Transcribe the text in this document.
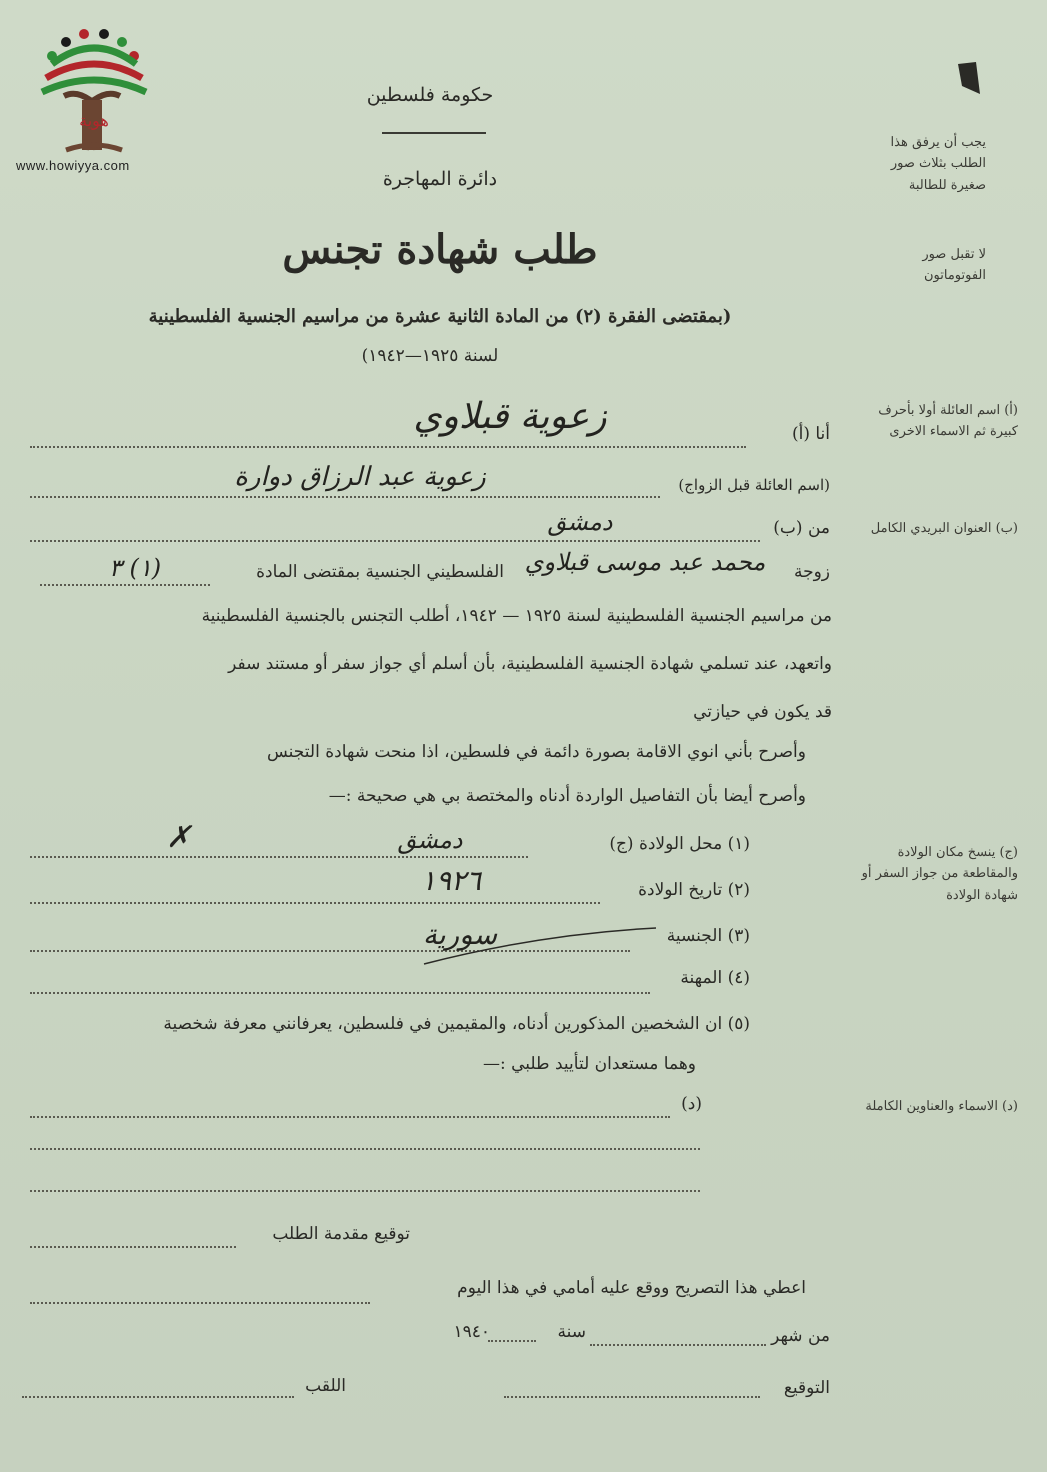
هوية
www.howiyya.com
حكومة فلسطين
دائرة المهاجرة
طلب شهادة تجنس
(بمقتضى الفقرة (٢) من المادة الثانية عشرة من مراسيم الجنسية الفلسطينية
لسنة ١٩٢٥—١٩٤٢)
يجب أن يرفق هذا الطلب بثلاث صور صغيرة للطالبة
لا تقبل صور الفوتوماتون
(أ) اسم العائلة أولا بأحرف كبيرة ثم الاسماء الاخرى
(ب) العنوان البريدي الكامل
(ج) ينسخ مكان الولادة والمقاطعة من جواز السفر أو شهادة الولادة
(د) الاسماء والعناوين الكاملة
أنا (أ)
زعوية قبلاوي
(اسم العائلة قبل الزواج)
زعوية عبد الرزاق دوارة
من (ب)
دمشق
زوجة
محمد عبد موسى قبلاوي
الفلسطيني الجنسية بمقتضى المادة
(١) ٣
من مراسيم الجنسية الفلسطينية لسنة ١٩٢٥ — ١٩٤٢، أطلب التجنس بالجنسية الفلسطينية
واتعهد، عند تسلمي شهادة الجنسية الفلسطينية، بأن أسلم أي جواز سفر أو مستند سفر
قد يكون في حيازتي
وأصرح بأني انوي الاقامة بصورة دائمة في فلسطين، اذا منحت شهادة التجنس
وأصرح أيضا بأن التفاصيل الواردة أدناه والمختصة بي هي صحيحة :—
✗	(١) محل الولادة (ج)
دمشق
(٢) تاريخ الولادة
١٩٢٦
(٣) الجنسية
سورية
(٤) المهنة
(٥) ان الشخصين المذكورين أدناه، والمقيمين في فلسطين، يعرفانني معرفة شخصية
وهما مستعدان لتأييد طلبي :—
(د)
توقيع مقدمة الطلب
اعطي هذا التصريح ووقع عليه أمامي في هذا اليوم
من شهر
سنة
١٩٤٠
التوقيع
اللقب
